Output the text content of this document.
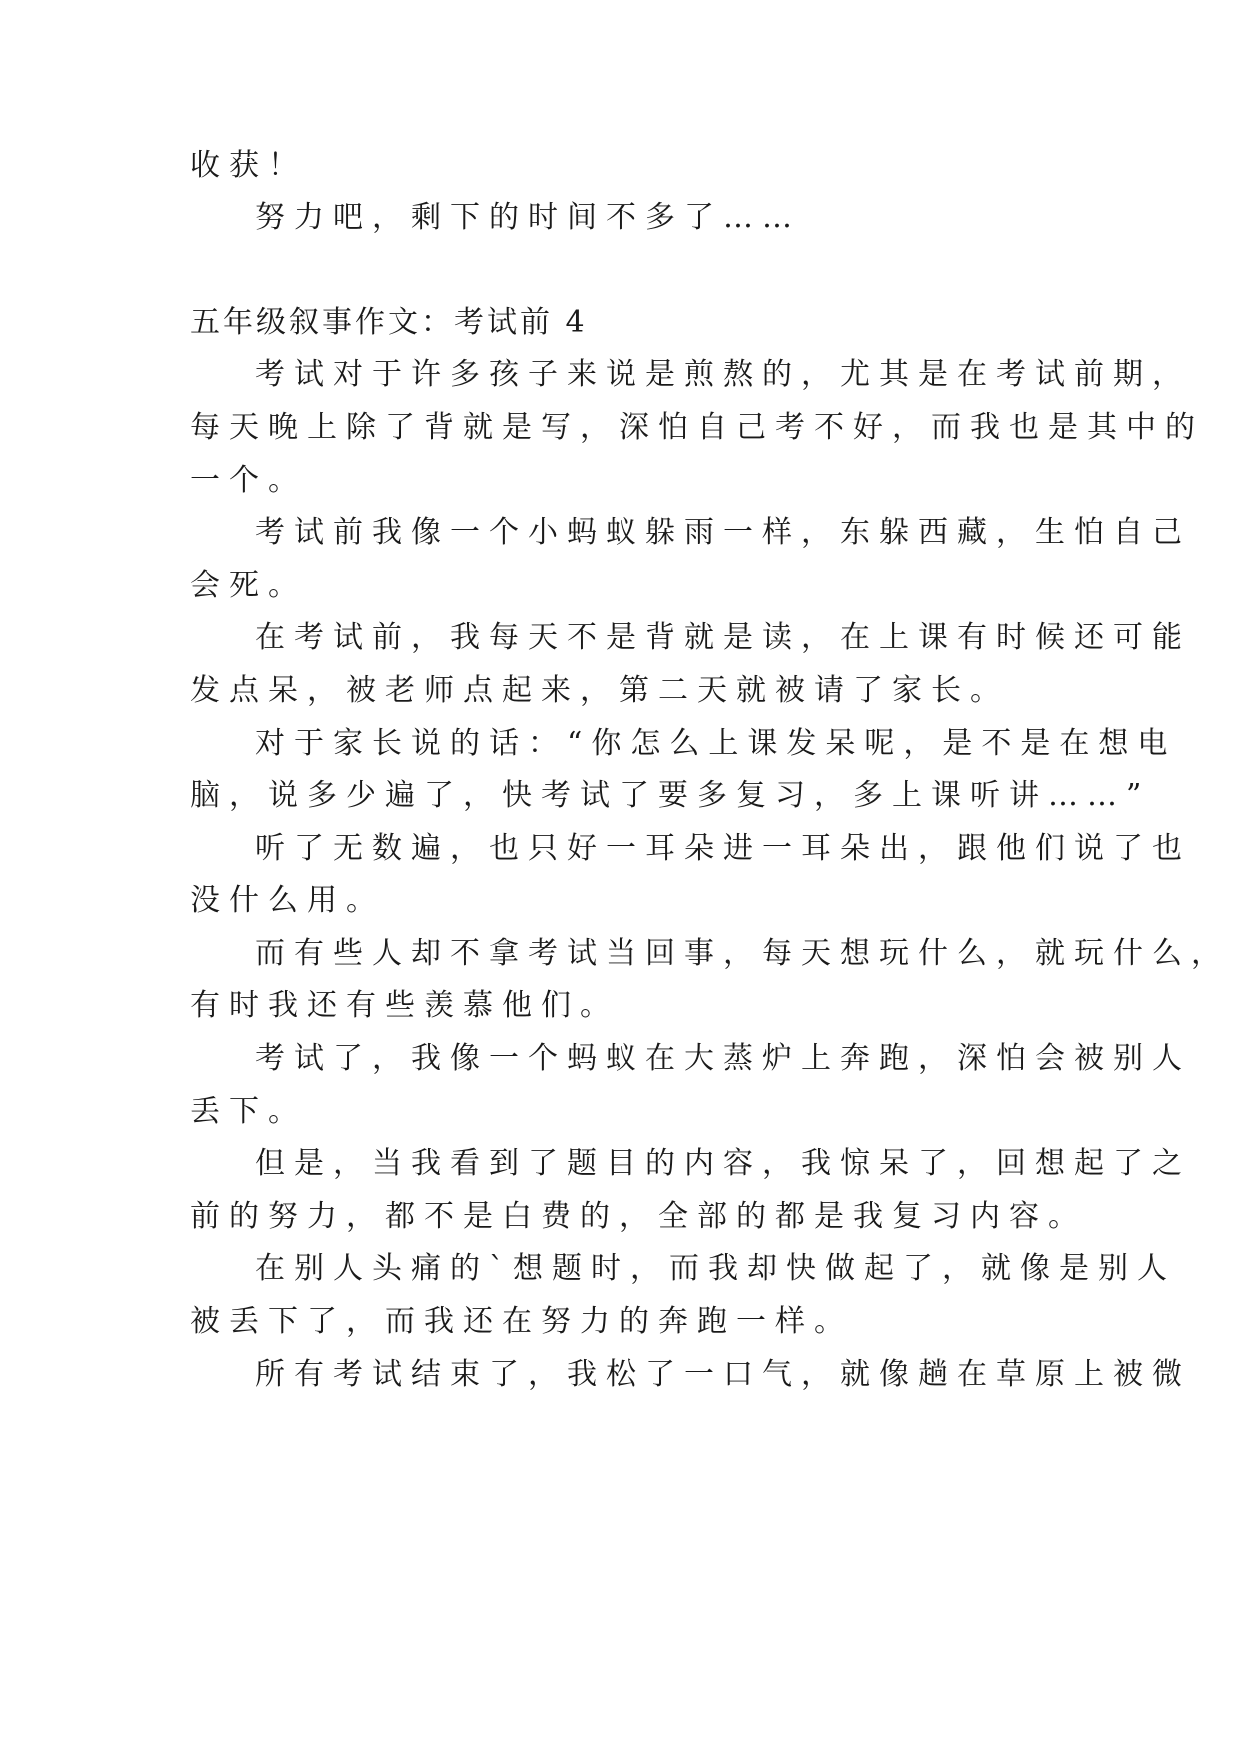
收获！
努力吧，剩下的时间不多了……
五年级叙事作文：考试前 4
考试对于许多孩子来说是煎熬的，尤其是在考试前期，
每天晚上除了背就是写，深怕自己考不好，而我也是其中的
一个。
考试前我像一个小蚂蚁躲雨一样，东躲西藏，生怕自己
会死。
在考试前，我每天不是背就是读，在上课有时候还可能
发点呆，被老师点起来，第二天就被请了家长。
对于家长说的话：“你怎么上课发呆呢，是不是在想电
脑，说多少遍了，快考试了要多复习，多上课听讲……”
听了无数遍，也只好一耳朵进一耳朵出，跟他们说了也
没什么用。
而有些人却不拿考试当回事，每天想玩什么，就玩什么，
有时我还有些羡慕他们。
考试了，我像一个蚂蚁在大蒸炉上奔跑，深怕会被别人
丢下。
但是，当我看到了题目的内容，我惊呆了，回想起了之
前的努力，都不是白费的，全部的都是我复习内容。
在别人头痛的`想题时，而我却快做起了，就像是别人
被丢下了，而我还在努力的奔跑一样。
所有考试结束了，我松了一口气，就像趟在草原上被微
